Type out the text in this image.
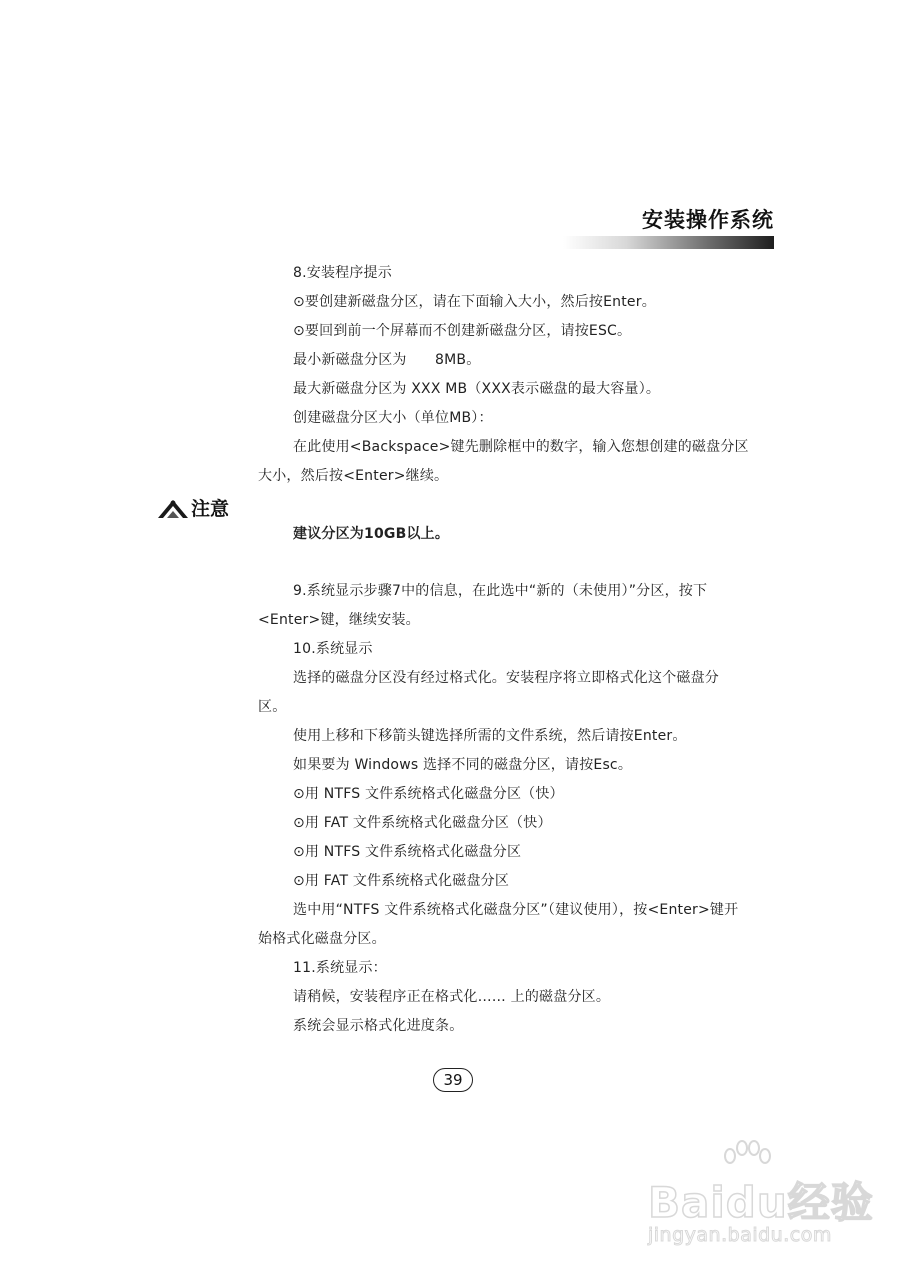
安装操作系统
8.安装程序提示
⊙要创建新磁盘分区，请在下面输入大小，然后按Enter。
⊙要回到前一个屏幕而不创建新磁盘分区，请按ESC。
最小新磁盘分区为　　8MB。
最大新磁盘分区为 XXX MB（XXX表示磁盘的最大容量）。
创建磁盘分区大小（单位MB）：
在此使用<Backspace>键先删除框中的数字，输入您想创建的磁盘分区
大小，然后按<Enter>继续。
注意
建议分区为10GB以上。
9.系统显示步骤7中的信息，在此选中“新的（未使用）”分区，按下
<Enter>键，继续安装。
10.系统显示
选择的磁盘分区没有经过格式化。安装程序将立即格式化这个磁盘分
区。
使用上移和下移箭头键选择所需的文件系统，然后请按Enter。
如果要为 Windows 选择不同的磁盘分区，请按Esc。
⊙用 NTFS 文件系统格式化磁盘分区（快）
⊙用 FAT 文件系统格式化磁盘分区（快）
⊙用 NTFS 文件系统格式化磁盘分区
⊙用 FAT 文件系统格式化磁盘分区
选中用“NTFS 文件系统格式化磁盘分区”（建议使用），按<Enter>键开
始格式化磁盘分区。
11.系统显示：
请稍候，安装程序正在格式化…… 上的磁盘分区。
系统会显示格式化进度条。
39
Baidu经验
jingyan.baidu.com
